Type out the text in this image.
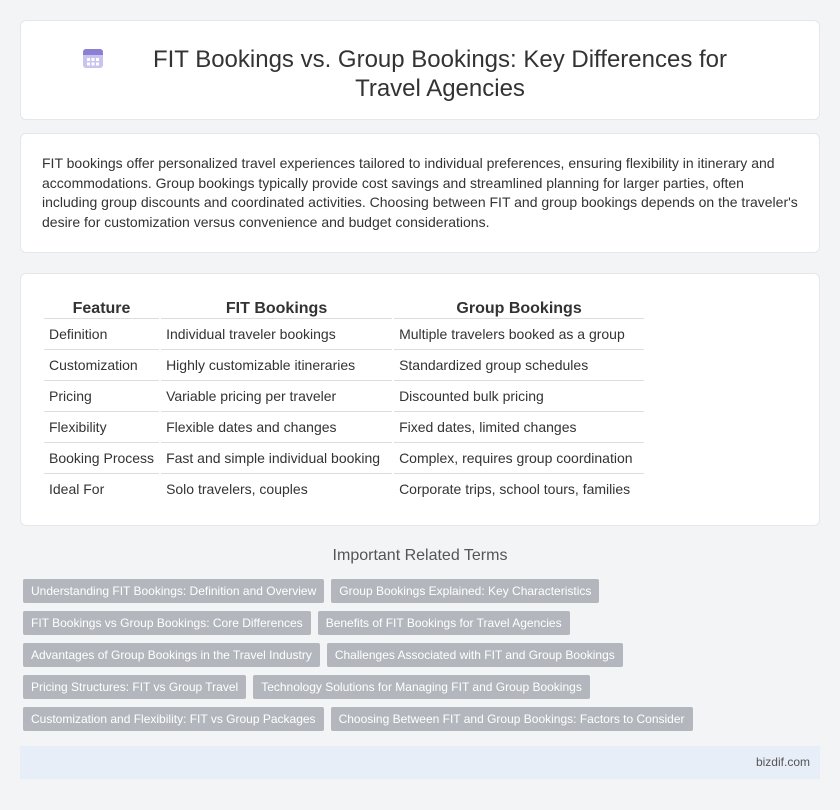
FIT Bookings vs. Group Bookings: Key Differences for Travel Agencies

FIT bookings offer personalized travel experiences tailored to individual preferences, ensuring flexibility in itinerary and accommodations. Group bookings typically provide cost savings and streamlined planning for larger parties, often including group discounts and coordinated activities. Choosing between FIT and group bookings depends on the traveler's desire for customization versus convenience and budget considerations.

Feature	FIT Bookings	Group Bookings
Definition	Individual traveler bookings	Multiple travelers booked as a group
Customization	Highly customizable itineraries	Standardized group schedules
Pricing	Variable pricing per traveler	Discounted bulk pricing
Flexibility	Flexible dates and changes	Fixed dates, limited changes
Booking Process	Fast and simple individual booking	Complex, requires group coordination
Ideal For	Solo travelers, couples	Corporate trips, school tours, families
Important Related Terms
Understanding FIT Bookings: Definition and Overview	Group Bookings Explained: Key Characteristics
FIT Bookings vs Group Bookings: Core Differences	Benefits of FIT Bookings for Travel Agencies
Advantages of Group Bookings in the Travel Industry	Challenges Associated with FIT and Group Bookings
Pricing Structures: FIT vs Group Travel	Technology Solutions for Managing FIT and Group Bookings
Customization and Flexibility: FIT vs Group Packages	Choosing Between FIT and Group Bookings: Factors to Consider
bizdif.com
